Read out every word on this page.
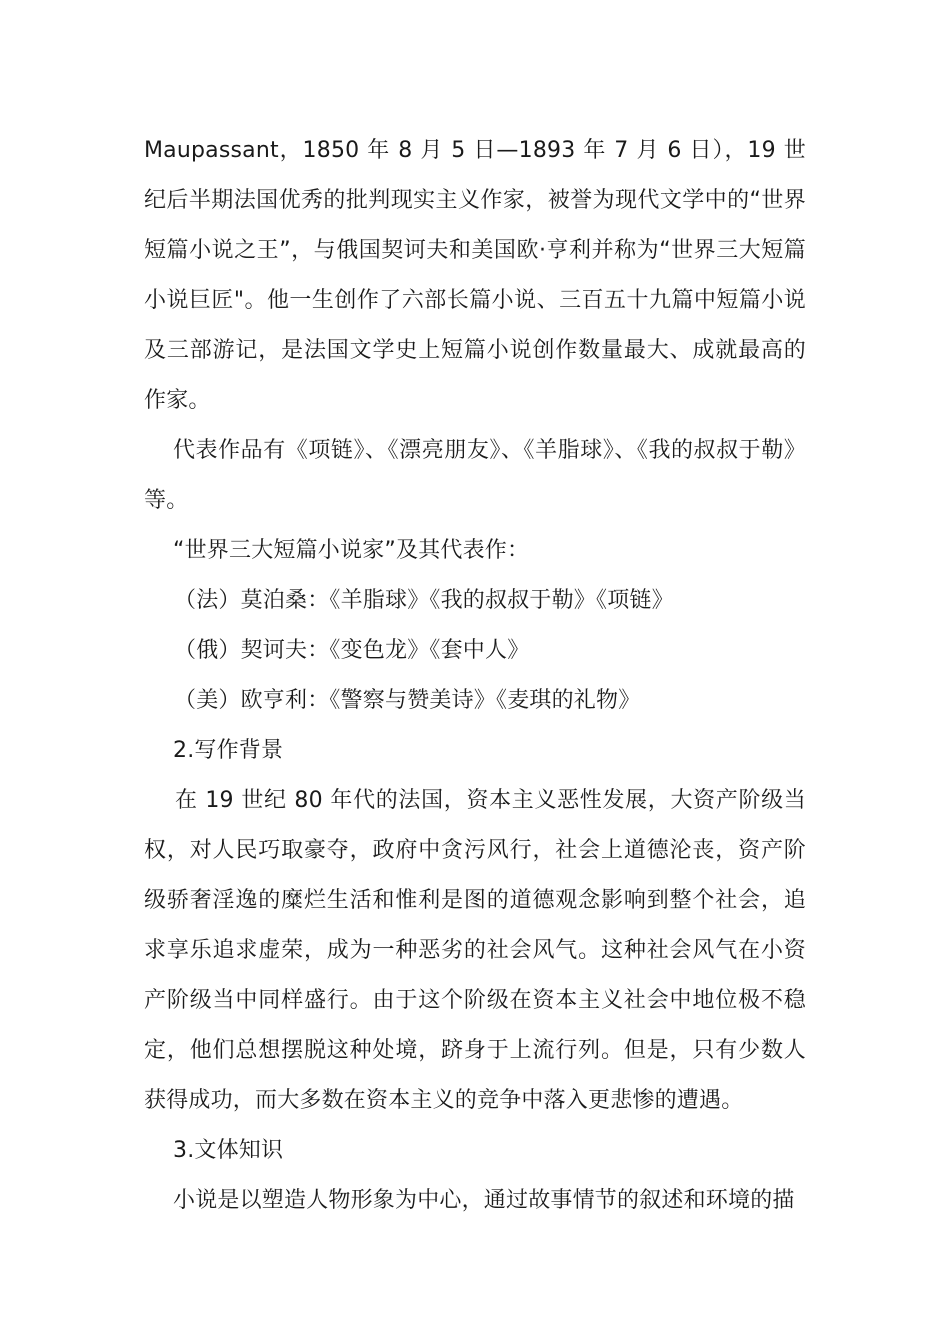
Maupassant，1850 年 8 月 5 日—1893 年 7 月 6 日），19 世纪后半期法国优秀的批判现实主义作家，被誉为现代文学中的“世界短篇小说之王”，与俄国契诃夫和美国欧·亨利并称为“世界三大短篇小说巨匠"。他一生创作了六部长篇小说、三百五十九篇中短篇小说及三部游记，是法国文学史上短篇小说创作数量最大、成就最高的作家。

代表作品有《项链》、《漂亮朋友》、《羊脂球》、《我的叔叔于勒》等。

“世界三大短篇小说家”及其代表作：

（法）莫泊桑：《羊脂球》《我的叔叔于勒》《项链》

（俄）契诃夫：《变色龙》《套中人》

（美）欧亨利：《警察与赞美诗》《麦琪的礼物》

2.写作背景

在 19 世纪 80 年代的法国，资本主义恶性发展，大资产阶级当权，对人民巧取豪夺，政府中贪污风行，社会上道德沦丧，资产阶级骄奢淫逸的糜烂生活和惟利是图的道德观念影响到整个社会，追求享乐追求虚荣，成为一种恶劣的社会风气。这种社会风气在小资产阶级当中同样盛行。由于这个阶级在资本主义社会中地位极不稳定，他们总想摆脱这种处境，跻身于上流行列。但是，只有少数人获得成功，而大多数在资本主义的竞争中落入更悲惨的遭遇。

3.文体知识

小说是以塑造人物形象为中心，通过故事情节的叙述和环境的描
